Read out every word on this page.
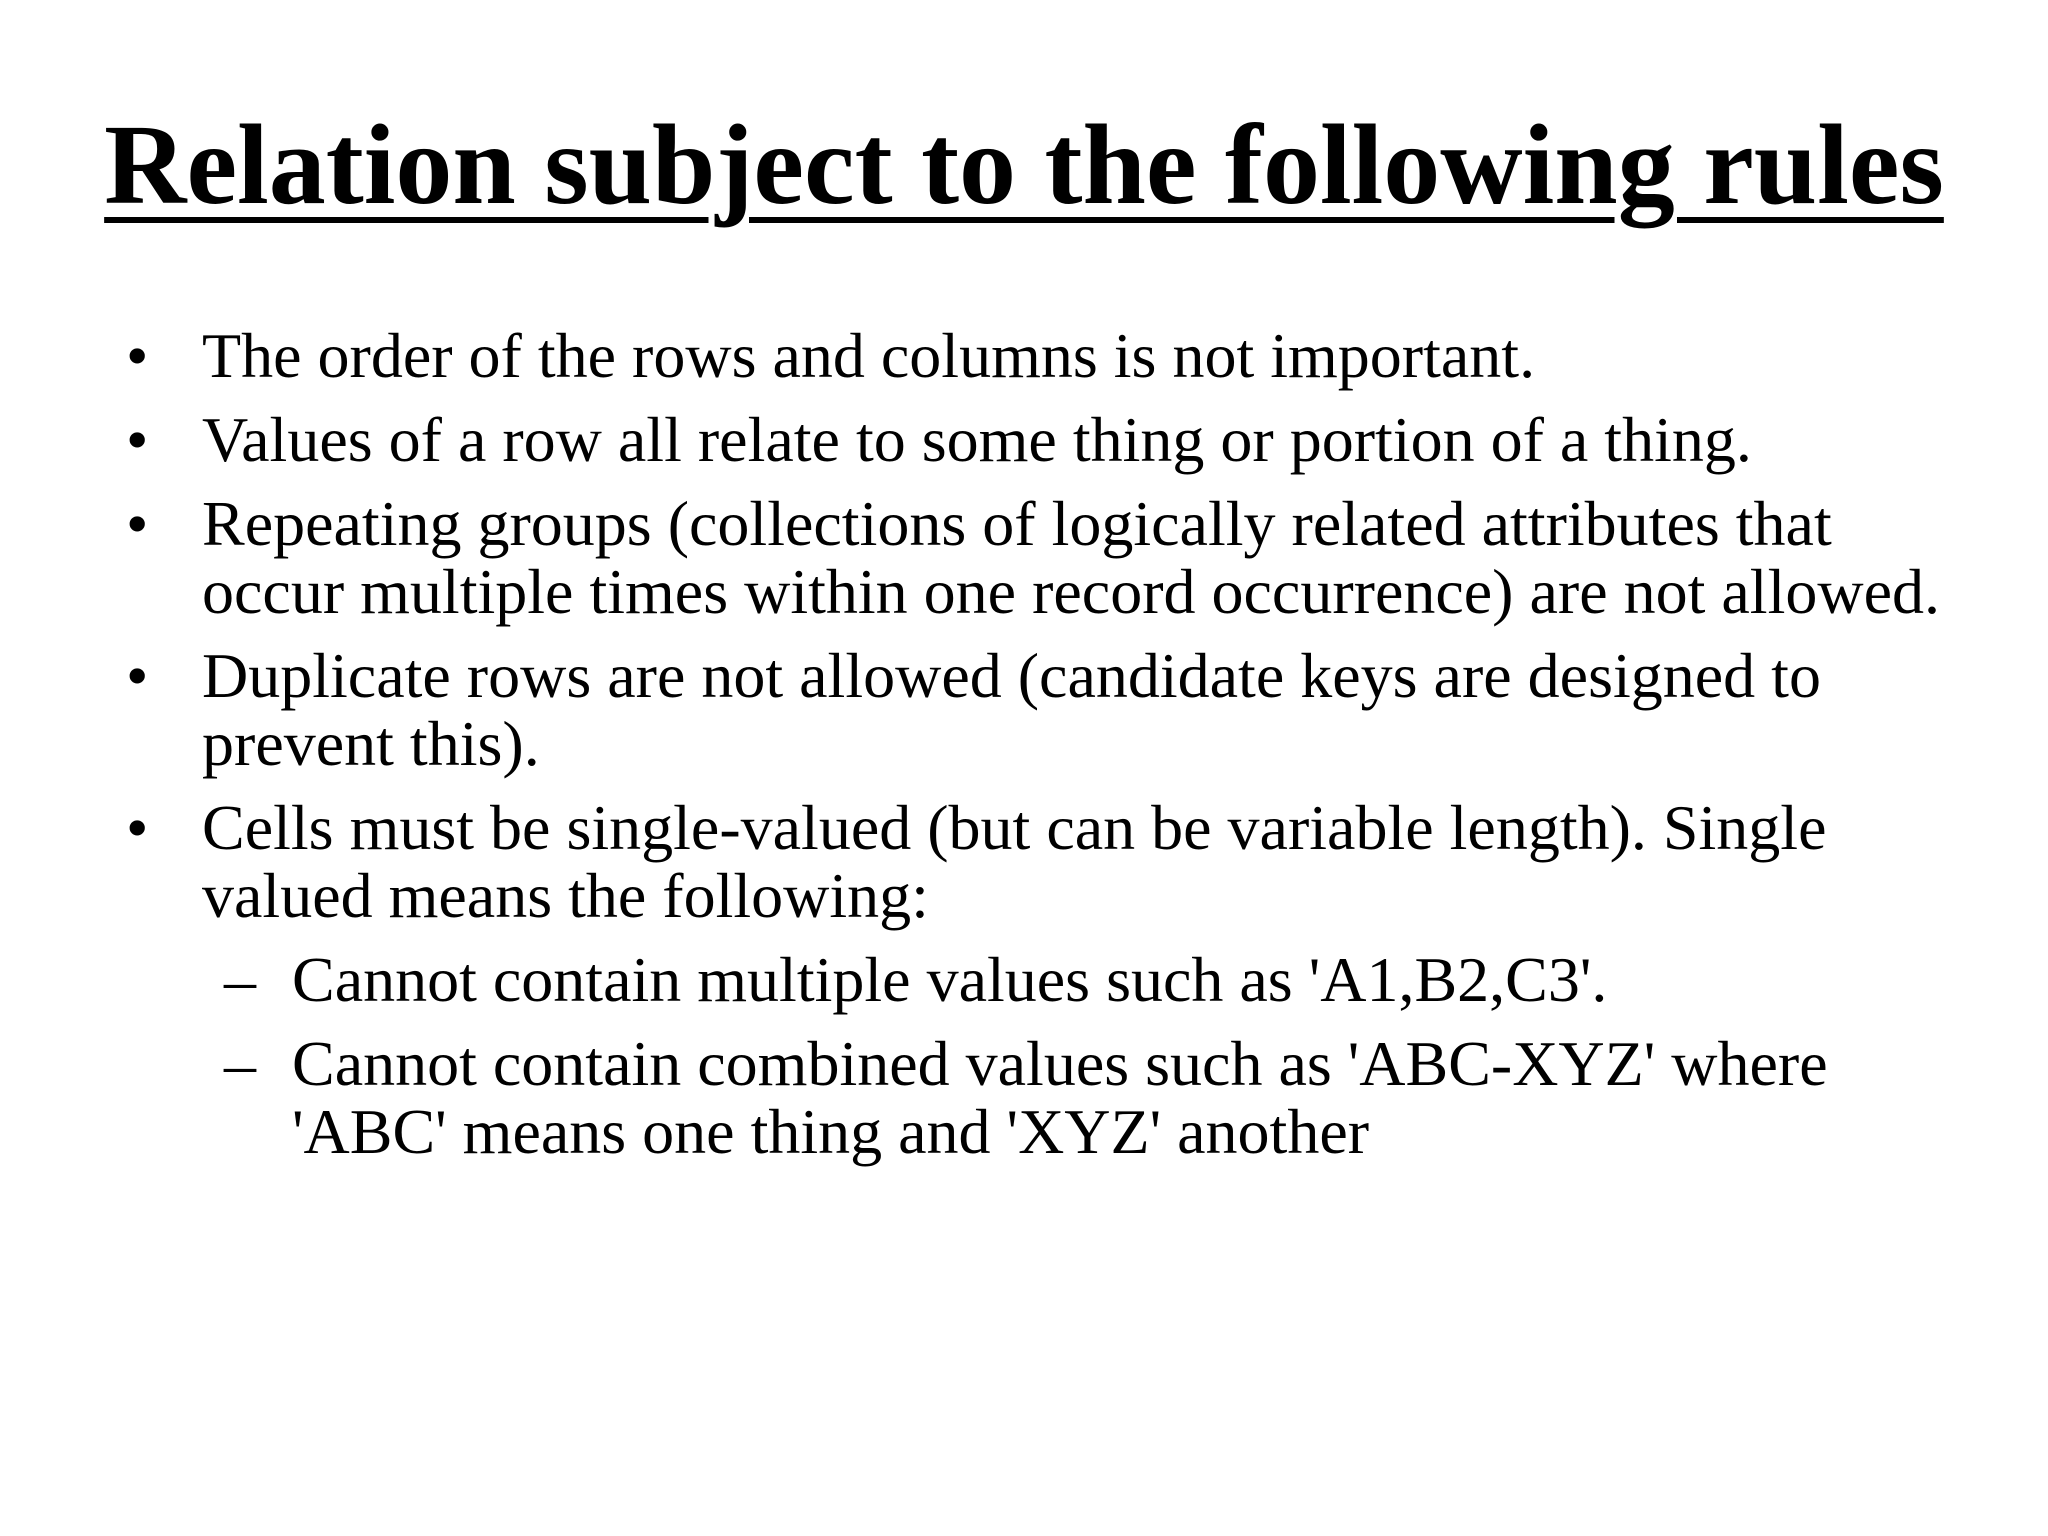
Relation subject to the following rules
• The order of the rows and columns is not important.
• Values of a row all relate to some thing or portion of a thing.
• Repeating groups (collections of logically related attributes that occur multiple times within one record occurrence) are not allowed.
• Duplicate rows are not allowed (candidate keys are designed to prevent this).
• Cells must be single-valued (but can be variable length). Single valued means the following:
– Cannot contain multiple values such as 'A1,B2,C3'.
– Cannot contain combined values such as 'ABC-XYZ' where 'ABC' means one thing and 'XYZ' another
